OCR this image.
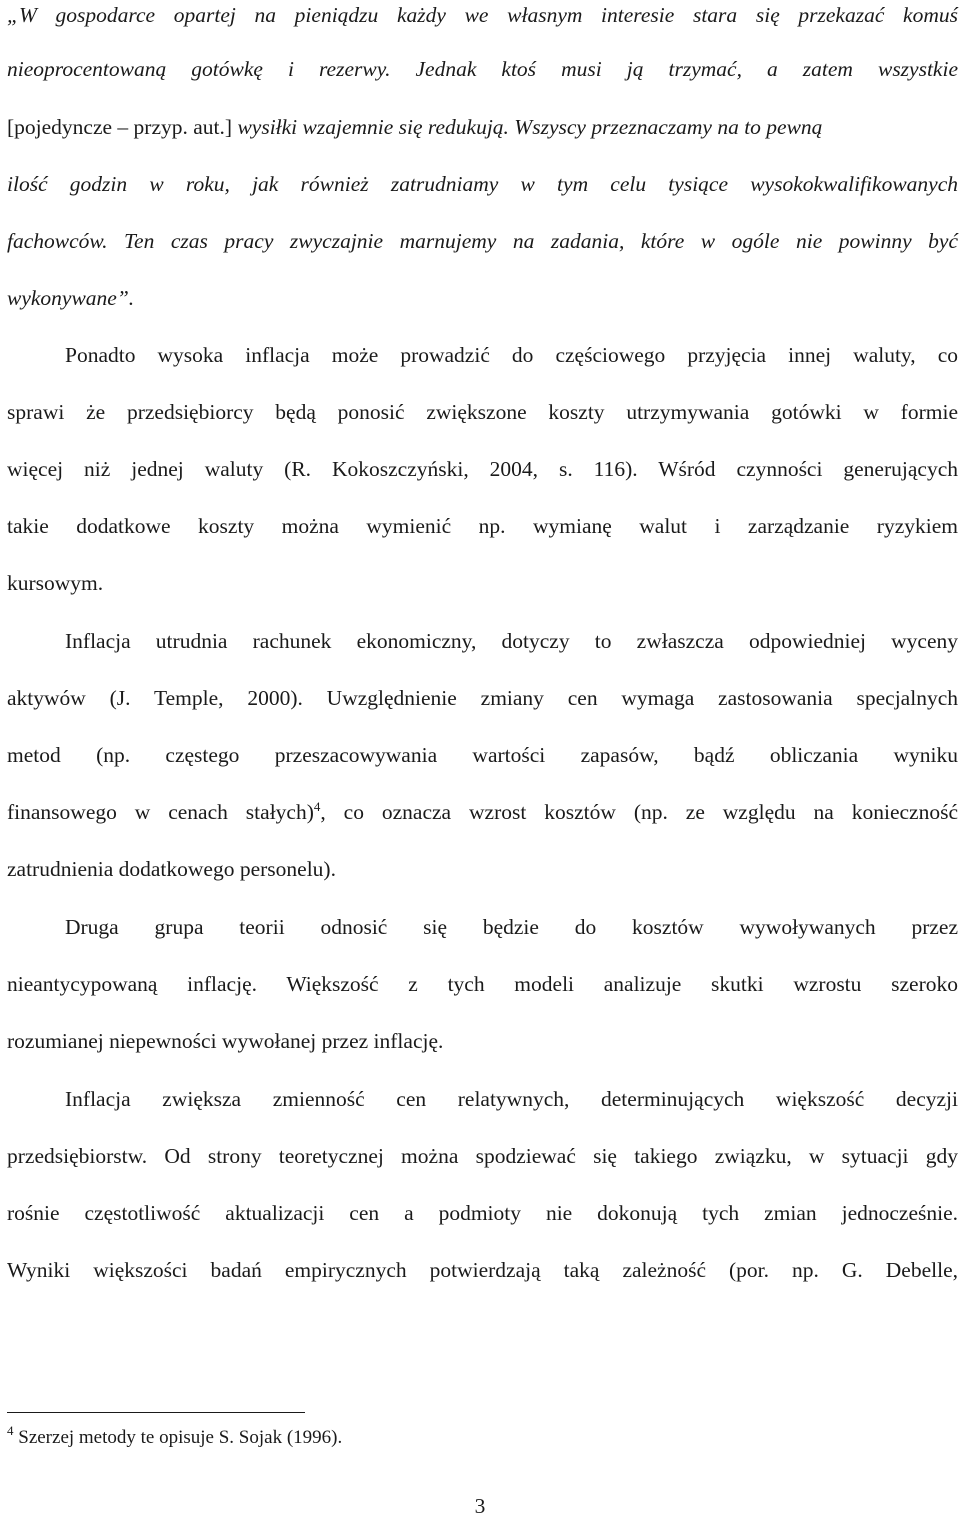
„W gospodarce opartej na pieniądzu każdy we własnym interesie stara się przekazać komuś
nieoprocentowaną gotówkę i rezerwy. Jednak ktoś musi ją trzymać, a zatem wszystkie
[pojedyncze – przyp. aut.] wysiłki wzajemnie się redukują. Wszyscy przeznaczamy na to pewną
ilość godzin w roku, jak również zatrudniamy w tym celu tysiące wysokokwalifikowanych
fachowców. Ten czas pracy zwyczajnie marnujemy na zadania, które w ogóle nie powinny być
wykonywane”.
Ponadto wysoka inflacja może prowadzić do częściowego przyjęcia innej waluty, co
sprawi że przedsiębiorcy będą ponosić zwiększone koszty utrzymywania gotówki w formie
więcej niż jednej waluty (R. Kokoszczyński, 2004, s. 116). Wśród czynności generujących
takie dodatkowe koszty można wymienić np. wymianę walut i zarządzanie ryzykiem
kursowym.
Inflacja utrudnia rachunek ekonomiczny, dotyczy to zwłaszcza odpowiedniej wyceny
aktywów (J. Temple, 2000). Uwzględnienie zmiany cen wymaga zastosowania specjalnych
metod (np. częstego przeszacowywania wartości zapasów, bądź obliczania wyniku
finansowego w cenach stałych)$^4$, co oznacza wzrost kosztów (np. ze względu na konieczność
zatrudnienia dodatkowego personelu).
Druga grupa teorii odnosić się będzie do kosztów wywoływanych przez
nieantycypowaną inflację. Większość z tych modeli analizuje skutki wzrostu szeroko
rozumianej niepewności wywołanej przez inflację.
Inflacja zwiększa zmienność cen relatywnych, determinujących większość decyzji
przedsiębiorstw. Od strony teoretycznej można spodziewać się takiego związku, w sytuacji gdy
rośnie częstotliwość aktualizacji cen a podmioty nie dokonują tych zmian jednocześnie.
Wyniki większości badań empirycznych potwierdzają taką zależność (por. np. G. Debelle,
$^4$ Szerzej metody te opisuje S. Sojak (1996).
3
